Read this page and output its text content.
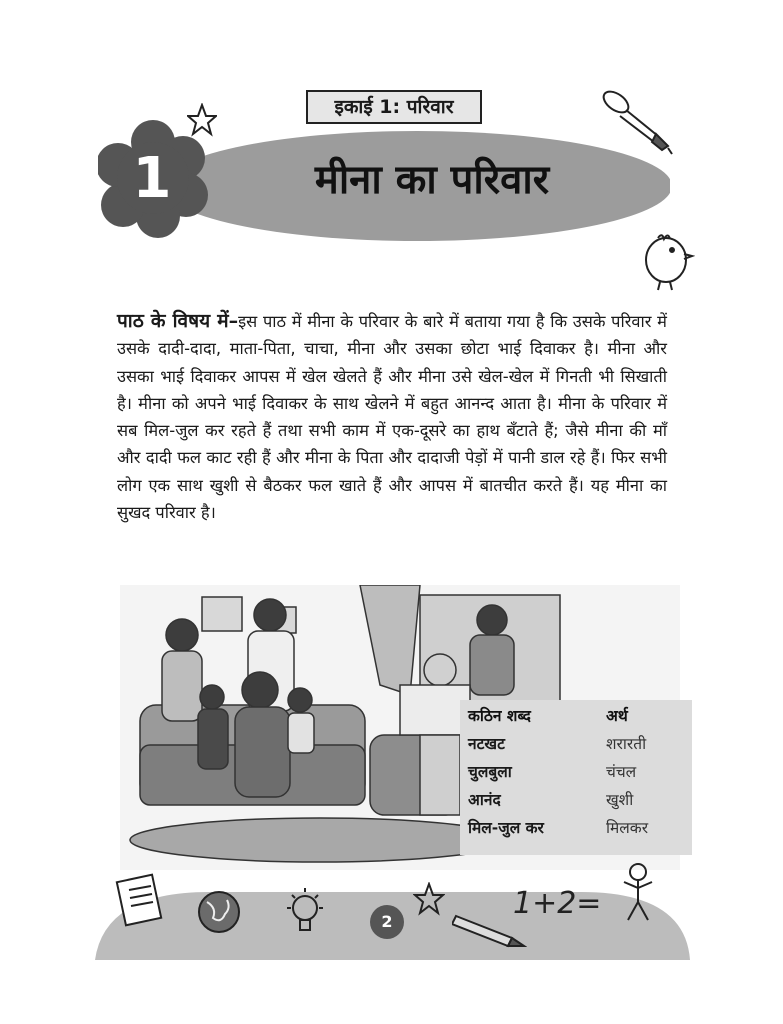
इकाई 1: परिवार
मीना का परिवार
1
पाठ के विषय में–इस पाठ में मीना के परिवार के बारे में बताया गया है कि उसके परिवार में उसके दादी-दादा, माता-पिता, चाचा, मीना और उसका छोटा भाई दिवाकर है। मीना और उसका भाई दिवाकर आपस में खेल खेलते हैं और मीना उसे खेल-खेल में गिनती भी सिखाती है। मीना को अपने भाई दिवाकर के साथ खेलने में बहुत आनन्द आता है। मीना के परिवार में सब मिल-जुल कर रहते हैं तथा सभी काम में एक-दूसरे का हाथ बँटाते हैं; जैसे मीना की माँ और दादी फल काट रही हैं और मीना के पिता और दादाजी पेड़ों में पानी डाल रहे हैं। फिर सभी लोग एक साथ खुशी से बैठकर फल खाते हैं और आपस में बातचीत करते हैं। यह मीना का सुखद परिवार है।
कठिन शब्द	अर्थ
नटखट	शरारती
चुलबुला	चंचल
आनंद	खुशी
मिल-जुल कर	मिलकर
2
1+2=
